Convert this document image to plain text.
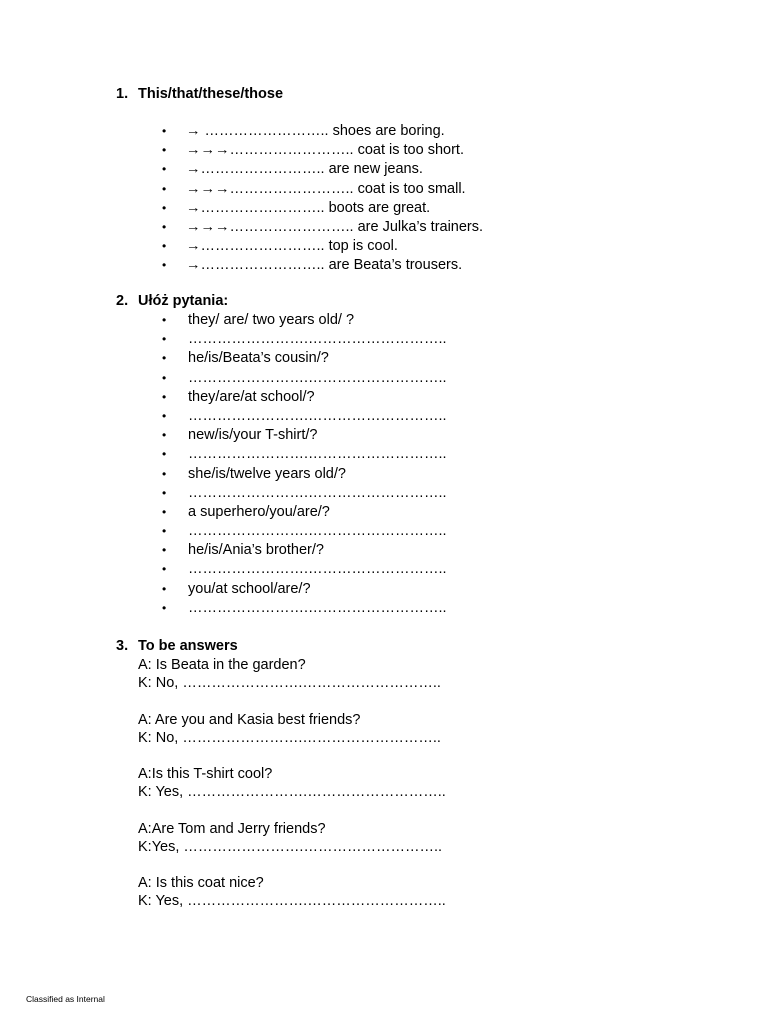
1. This/that/these/those
• → …………………….. shoes are boring.
• →→→…………………….. coat is too short.
• →…………………….. are new jeans.
• →→→…………………….. coat is too small.
• →…………………….. boots are great.
• →→→…………………….. are Julka’s trainers.
• →…………………….. top is cool.
• →…………………….. are Beata’s trousers.
2. Ułóż pytania:
• they/ are/ two years old/ ?
• …………………….………………………..
• he/is/Beata’s cousin/?
• …………………….………………………..
• they/are/at school/?
• …………………….………………………..
• new/is/your T-shirt/?
• …………………….………………………..
• she/is/twelve years old/?
• …………………….………………………..
• a superhero/you/are/?
• …………………….………………………..
• he/is/Ania’s brother/?
• …………………….………………………..
• you/at school/are/?
• …………………….………………………..
3. To be answers
A: Is Beata in the garden?
K: No, …………………….………………………..
A: Are you and Kasia best friends?
K: No, …………………….………………………..
A:Is this T-shirt cool?
K: Yes, …………………….………………………..
A:Are Tom and Jerry friends?
K:Yes, …………………….………………………..
A: Is this coat nice?
K: Yes, …………………….………………………..
Classified as Internal
